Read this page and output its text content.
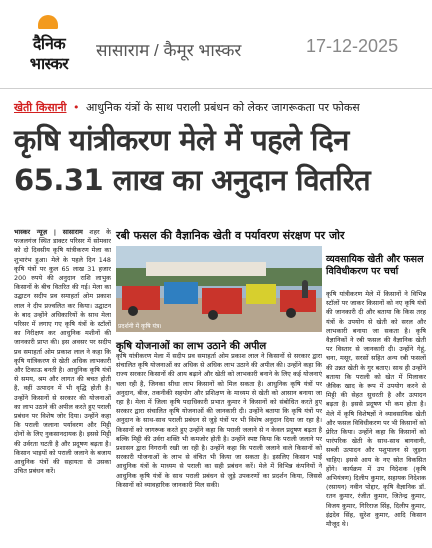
दैनिक
भास्कर
सासाराम / कैमूर भास्कर	17-12-2025
खेती किसानी • आधुनिक यंत्रों के साथ पराली प्रबंधन को लेकर जागरूकता पर फोकस
कृषि यांत्रीकरण मेले में पहले दिन
65.31 लाख का अनुदान वितरित
भास्कर न्यूज़ | सासाराम शहर के फजलगंज स्थित डाक्टर परिसर में सोमवार को दो दिवसीय कृषि यांत्रीकरण मेला का शुभारंभ हुआ। मेले के पहले दिन 148 कृषि यंत्रों पर कुल 65 लाख 31 हजार 200 रुपये की अनुदान राशि लाभुक किसानों के बीच वितरित की गई। मेला का उद्घाटन सदीप प्रव समाहर्ता ओम प्रकाश लाल ने दीप प्रज्वलित कर किया। उद्घाटन के बाद उन्होंने अधिकारियों के साथ मेला परिसर में लगाए गए कृषि यंत्रों के स्टॉलों का निरीक्षण कर आधुनिक मशीनों की जानकारी प्राप्त की। इस अवसर पर सदीप प्रव समाहर्ता ओम प्रकाश लाल ने कहा कि कृषि यांत्रिकरण से खेती अधिक लाभकारी और टिकाऊ बनती है। आधुनिक कृषि यंत्रों से समय, श्रम और लागत की बचत होती है, वहीं उत्पादन में भी वृद्धि होती है। उन्होंने किसानों से सरकार की योजनाओं का लाभ उठाने की अपील करते हुए पराली प्रबंधन पर विशेष जोर दिया। उन्होंने कहा कि पराली जलाना पर्यावरण और मिट्टी दोनों के लिए नुकसानदायक है। इससे मिट्टी की उर्वरता घटती है और प्रदूषण बढ़ता है। किसान भाइयों को पराली जलाने के बजाय आधुनिक यंत्रों की सहायता से उसका उचित प्रबंधन करें।
रबी फसल की वैज्ञानिक खेती व पर्यावरण संरक्षण पर जोर
प्रदर्शनी में कृषि यंत्र।
कृषि योजनाओं का लाभ उठाने की अपील
कृषि यांत्रीकरण मेला में सदीप प्रव समाहर्ता ओम प्रकाश लाल ने किसानों से सरकार द्वारा संचालित कृषि योजनाओं का अधिक से अधिक लाभ उठाने की अपील की। उन्होंने कहा कि राज्य सरकार किसानों की आय बढ़ाने और खेती को लाभकारी बनाने के लिए कई योजनाएं चला रही है, जिनका सीधा लाभ किसानों को मिल सकता है। आधुनिक कृषि यंत्रों पर अनुदान, बीज, तकनीकी सहयोग और प्रशिक्षण के माध्यम से खेती को आसान बनाया जा रहा है। मेला में जिला कृषि पदाधिकारी प्रभात कुमार ने किसानों को संबोधित करते हुए सरकार द्वारा संचालित कृषि योजनाओं की जानकारी दी। उन्होंने बताया कि कृषि यंत्रों पर अनुदान के साथ-साथ पराली प्रबंधन से जुड़े यंत्रों पर भी विशेष अनुदान दिया जा रहा है। किसानों को जागरूक करते हुए उन्होंने कहा कि पराली जलाने से न केवल प्रदूषण बढ़ता है बल्कि मिट्टी की उर्वरा शक्ति भी कमजोर होती है। उन्होंने स्पष्ट किया कि पराली जलाने पर प्रशासन द्वारा निगरानी रखी जा रही है। उन्होंने कहा कि पराली जलाने वाले किसानों को सरकारी योजनाओं के लाभ से वंचित भी किया जा सकता है। इसलिए किसान भाई आधुनिक यंत्रों के माध्यम से पराली का सही प्रबंधन करें। मेले में विभिन्न कंपनियों ने आधुनिक कृषि यंत्रों के साथ पराली प्रबंधन से जुड़े उपकरणों का प्रदर्शन किया, जिससे किसानों को व्यावहारिक जानकारी मिल सकी।
व्यवसायिक खेती और फसल विविधीकरण पर चर्चा
कृषि यांत्रीकरण मेले में किसानों ने विभिन्न स्टॉलों पर जाकर किसानों को नए कृषि यंत्रों की जानकारी दी और बताया कि किस तरह यंत्रों के उपयोग से खेती को सरल और लाभकारी बनाया जा सकता है। कृषि वैज्ञानिकों ने रबी फसल की वैज्ञानिक खेती पर विस्तार से जानकारी दी। उन्होंने गेहूं, चना, मसूर, सरसों सहित अन्य रबी फसलों की उन्नत खेती के गुर बताए। साथ ही उन्होंने बताया कि पराली को खेत में मिलाकर जैविक खाद के रूप में उपयोग करने से मिट्टी की सेहत सुधरती है और उत्पादन बढ़ता है। इससे प्रदूषण भी कम होता है। मेले में कृषि विशेषज्ञों ने व्यावसायिक खेती और फसल विविधीकरण पर भी किसानों को प्रेरित किया। उन्होंने कहा कि किसानों को पारंपरिक खेती के साथ-साथ बागवानी, सब्जी उत्पादन और पशुपालन से जुड़ना चाहिए। इससे आय के नए स्रोत विकसित होंगे। कार्यक्रम में उप निदेशक (कृषि अभियंत्रण) दिलीप कुमार, सहायक निदेशक (रसायन) नवीन पोद्दार, कृषि वैज्ञानिक डॉ. रतन कुमार, रंजीत कुमार, जितेन्द्र कुमार, विजय कुमार, गिरिराज सिंह, दिलीप कुमार, इंद्रदेव सिंह, सुरेश कुमार, आदि किसान मौजूद थे।
